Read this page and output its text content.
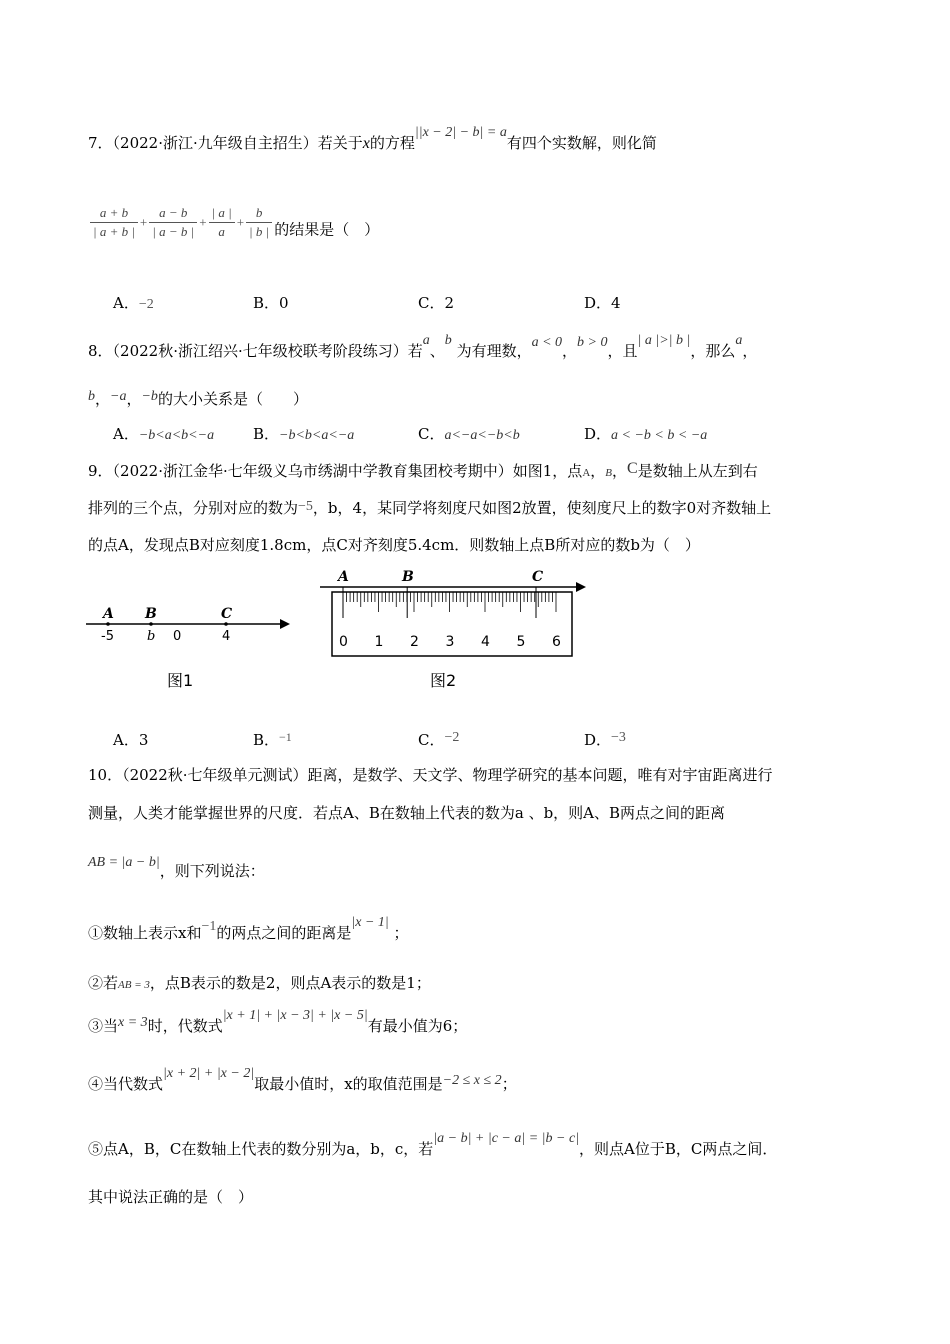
7．（2022·浙江·九年级自主招生）若关于x的方程||x − 2| − b| = a有四个实数解，则化简
$\frac{a + b}{| a + b |} + \frac{a - b}{| a - b |} + \frac{| a |}{a} + \frac{b}{| b |}$ 的结果是（　）
A．−2	B．0	C．2	D．4
8．（2022秋·浙江绍兴·七年级校联考阶段练习）若a、b 为有理数，a < 0，b > 0，且| a |>| b |，那么a，
b，−a，−b的大小关系是（　　）
A．−b<a<b<−a	B．−b<b<a<−a	C．a<−a<−b<b	D．a < −b < b < −a
9．（2022·浙江金华·七年级义乌市绣湖中学教育集团校考期中）如图1，点A，B，C是数轴上从左到右
排列的三个点，分别对应的数为−5，b，4，某同学将刻度尺如图2放置，使刻度尺上的数字0对齐数轴上
的点A，发现点B对应刻度1.8cm，点C对齐刻度5.4cm．则数轴上点B所对应的数b为（　）
A B	C
-5	b 0	4
图1
A	B	C
0 1 2 3 4 5 6
图2
A．3	B．$^{-1}$	C．−2	D．−3
10．（2022秋·七年级单元测试）距离，是数学、天文学、物理学研究的基本问题，唯有对宇宙距离进行
测量，人类才能掌握世界的尺度．若点A、B在数轴上代表的数为a 、b，则A、B两点之间的距离
AB = |a − b|，则下列说法：
①数轴上表示x和−1的两点之间的距离是|x − 1| ；
②若AB = 3，点B表示的数是2，则点A表示的数是1；
③当x = 3时，代数式|x + 1| + |x − 3| + |x − 5|有最小值为6；
④当代数式|x + 2| + |x − 2|取最小值时，x的取值范围是−2 ≤ x ≤ 2；
⑤点A，B，C在数轴上代表的数分别为a，b，c，若|a − b| + |c − a| = |b − c|，则点A位于B，C两点之间．
其中说法正确的是（　）
